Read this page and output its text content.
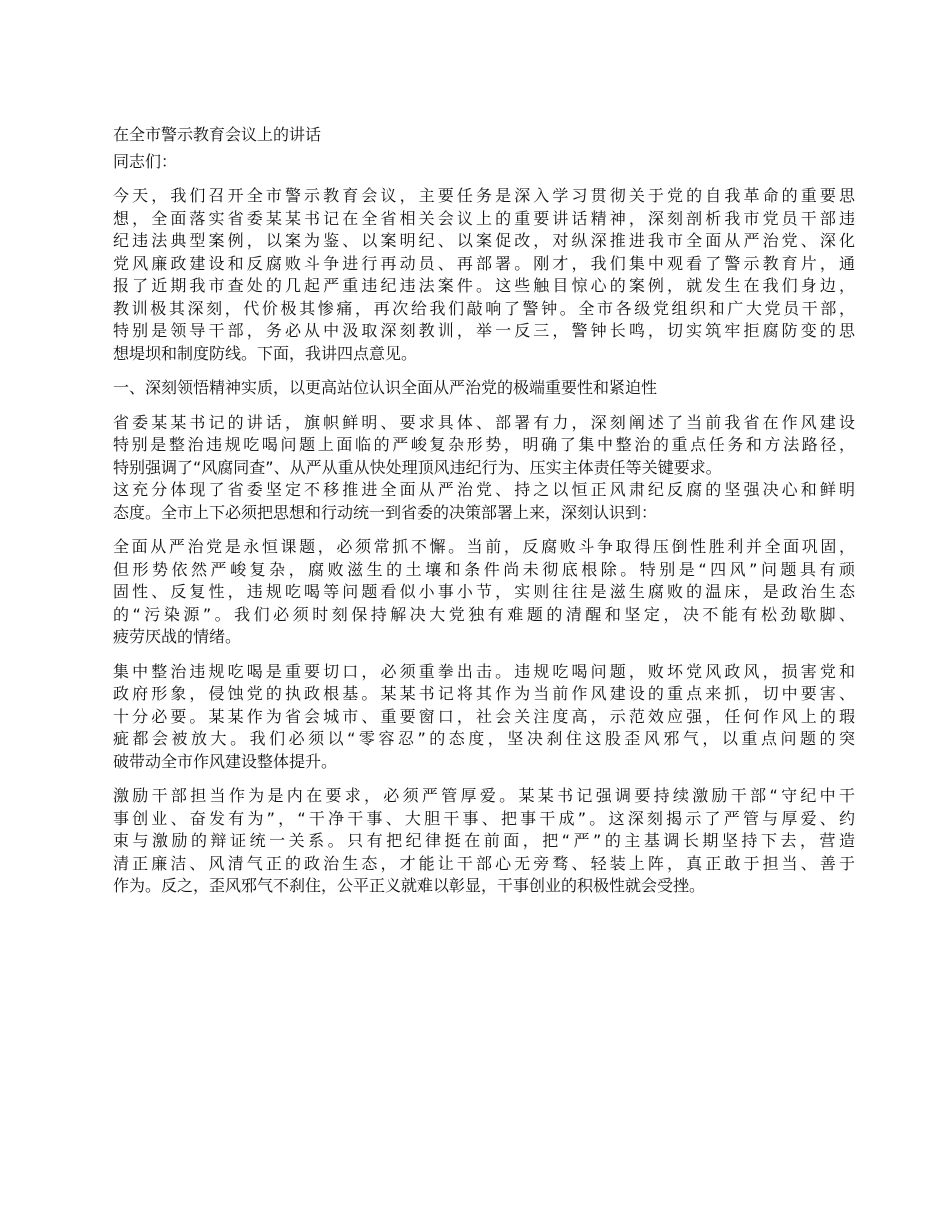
在全市警示教育会议上的讲话
同志们：
今天，我们召开全市警示教育会议，主要任务是深入学习贯彻关于党的自我革命的重要思
想，全面落实省委某某书记在全省相关会议上的重要讲话精神，深刻剖析我市党员干部违
纪违法典型案例，以案为鉴、以案明纪、以案促改，对纵深推进我市全面从严治党、深化
党风廉政建设和反腐败斗争进行再动员、再部署。刚才，我们集中观看了警示教育片，通
报了近期我市查处的几起严重违纪违法案件。这些触目惊心的案例，就发生在我们身边，
教训极其深刻，代价极其惨痛，再次给我们敲响了警钟。全市各级党组织和广大党员干部，
特别是领导干部，务必从中汲取深刻教训，举一反三，警钟长鸣，切实筑牢拒腐防变的思
想堤坝和制度防线。下面，我讲四点意见。
一、深刻领悟精神实质，以更高站位认识全面从严治党的极端重要性和紧迫性
省委某某书记的讲话，旗帜鲜明、要求具体、部署有力，深刻阐述了当前我省在作风建设
特别是整治违规吃喝问题上面临的严峻复杂形势，明确了集中整治的重点任务和方法路径，
特别强调了“风腐同查”、从严从重从快处理顶风违纪行为、压实主体责任等关键要求。
这充分体现了省委坚定不移推进全面从严治党、持之以恒正风肃纪反腐的坚强决心和鲜明
态度。全市上下必须把思想和行动统一到省委的决策部署上来，深刻认识到：
全面从严治党是永恒课题，必须常抓不懈。当前，反腐败斗争取得压倒性胜利并全面巩固，
但形势依然严峻复杂，腐败滋生的土壤和条件尚未彻底根除。特别是“四风”问题具有顽
固性、反复性，违规吃喝等问题看似小事小节，实则往往是滋生腐败的温床，是政治生态
的“污染源”。我们必须时刻保持解决大党独有难题的清醒和坚定，决不能有松劲歇脚、
疲劳厌战的情绪。
集中整治违规吃喝是重要切口，必须重拳出击。违规吃喝问题，败坏党风政风，损害党和
政府形象，侵蚀党的执政根基。某某书记将其作为当前作风建设的重点来抓，切中要害、
十分必要。某某作为省会城市、重要窗口，社会关注度高，示范效应强，任何作风上的瑕
疵都会被放大。我们必须以“零容忍”的态度，坚决刹住这股歪风邪气，以重点问题的突
破带动全市作风建设整体提升。
激励干部担当作为是内在要求，必须严管厚爱。某某书记强调要持续激励干部“守纪中干
事创业、奋发有为”，“干净干事、大胆干事、把事干成”。这深刻揭示了严管与厚爱、约
束与激励的辩证统一关系。只有把纪律挺在前面，把“严”的主基调长期坚持下去，营造
清正廉洁、风清气正的政治生态，才能让干部心无旁骛、轻装上阵，真正敢于担当、善于
作为。反之，歪风邪气不刹住，公平正义就难以彰显，干事创业的积极性就会受挫。
